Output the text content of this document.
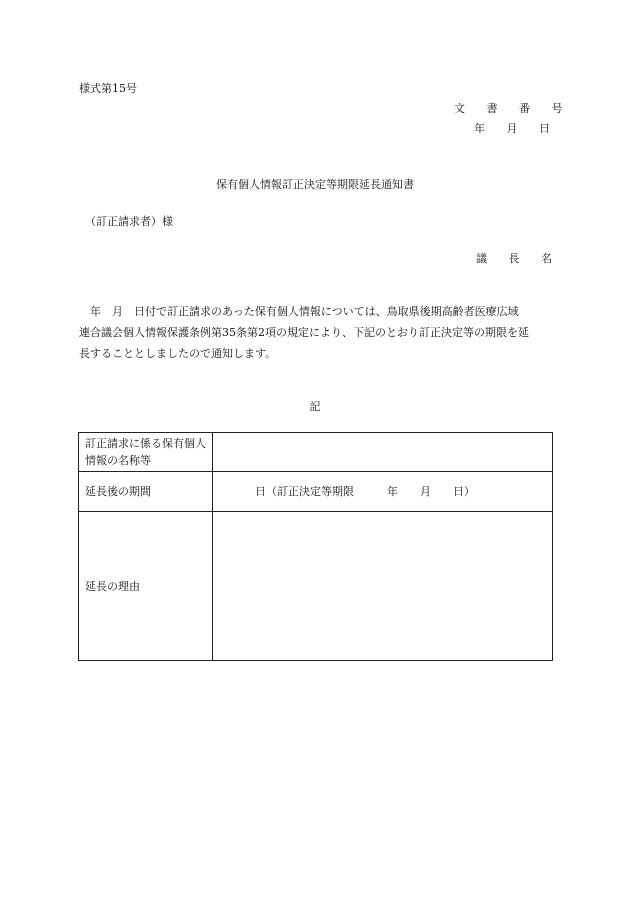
様式第15号
文 書 番 号
年 月 日
保有個人情報訂正決定等期限延長通知書
（訂正請求者）様
議 長 名
年　月　日付で訂正請求のあった保有個人情報については、鳥取県後期高齢者医療広域
連合議会個人情報保護条例第35条第2項の規定により、下記のとおり訂正決定等の期限を延
長することとしましたので通知します。
記
訂正請求に係る保有個人情報の名称等	
延長後の期間	日（訂正決定等期限　　　年　　月　　日）
延長の理由	
